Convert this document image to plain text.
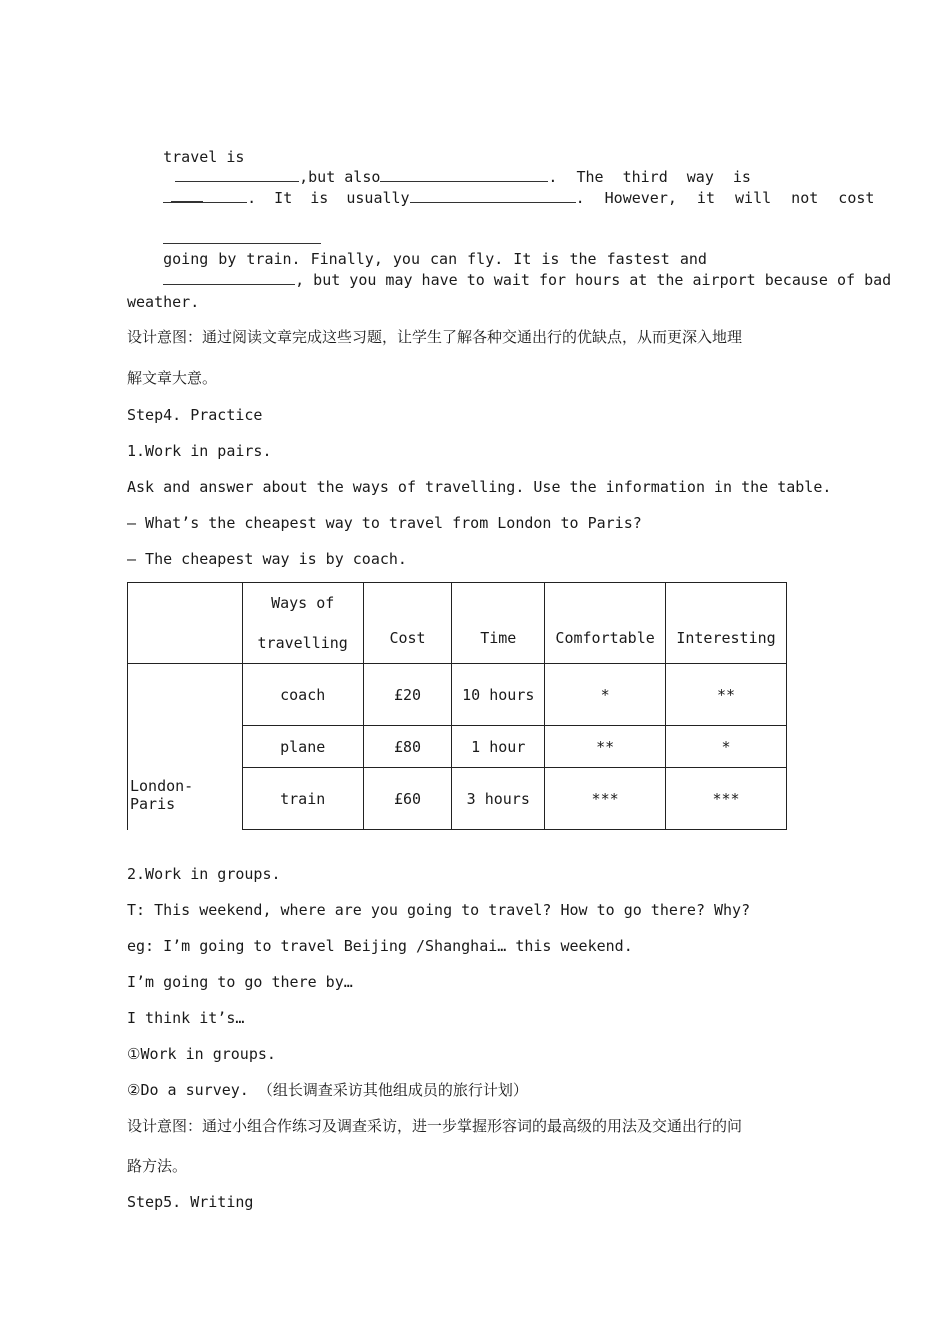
travel is
,but also	. The third way is

. It is usually	. However, it will not cost

going by train. Finally, you can fly. It is the fastest and

, but you may have to wait for hours at the airport because of bad

weather.
设计意图：通过阅读文章完成这些习题，让学生了解各种交通出行的优缺点，从而更深入地理
解文章大意。
Step4. Practice
1.Work in pairs.
Ask and answer about the ways of travelling. Use the information in the table.
— What’s the cheapest way to travel from London to Paris?
— The cheapest way is by coach.

	Ways of
travelling	Cost	Time	Comfortable	Interesting
London- Paris	coach	£20	10 hours	*	**
	plane	£80	1 hour	**	*
	train	£60	3 hours	***	***
2.Work in groups.
T: This weekend, where are you going to travel? How to go there? Why?
eg: I’m going to travel Beijing /Shanghai… this weekend.
I’m going to go there by…
I think it’s…
①Work in groups.
②Do a survey. （组长调查采访其他组成员的旅行计划）
设计意图：通过小组合作练习及调查采访，进一步掌握形容词的最高级的用法及交通出行的问
路方法。
Step5. Writing
